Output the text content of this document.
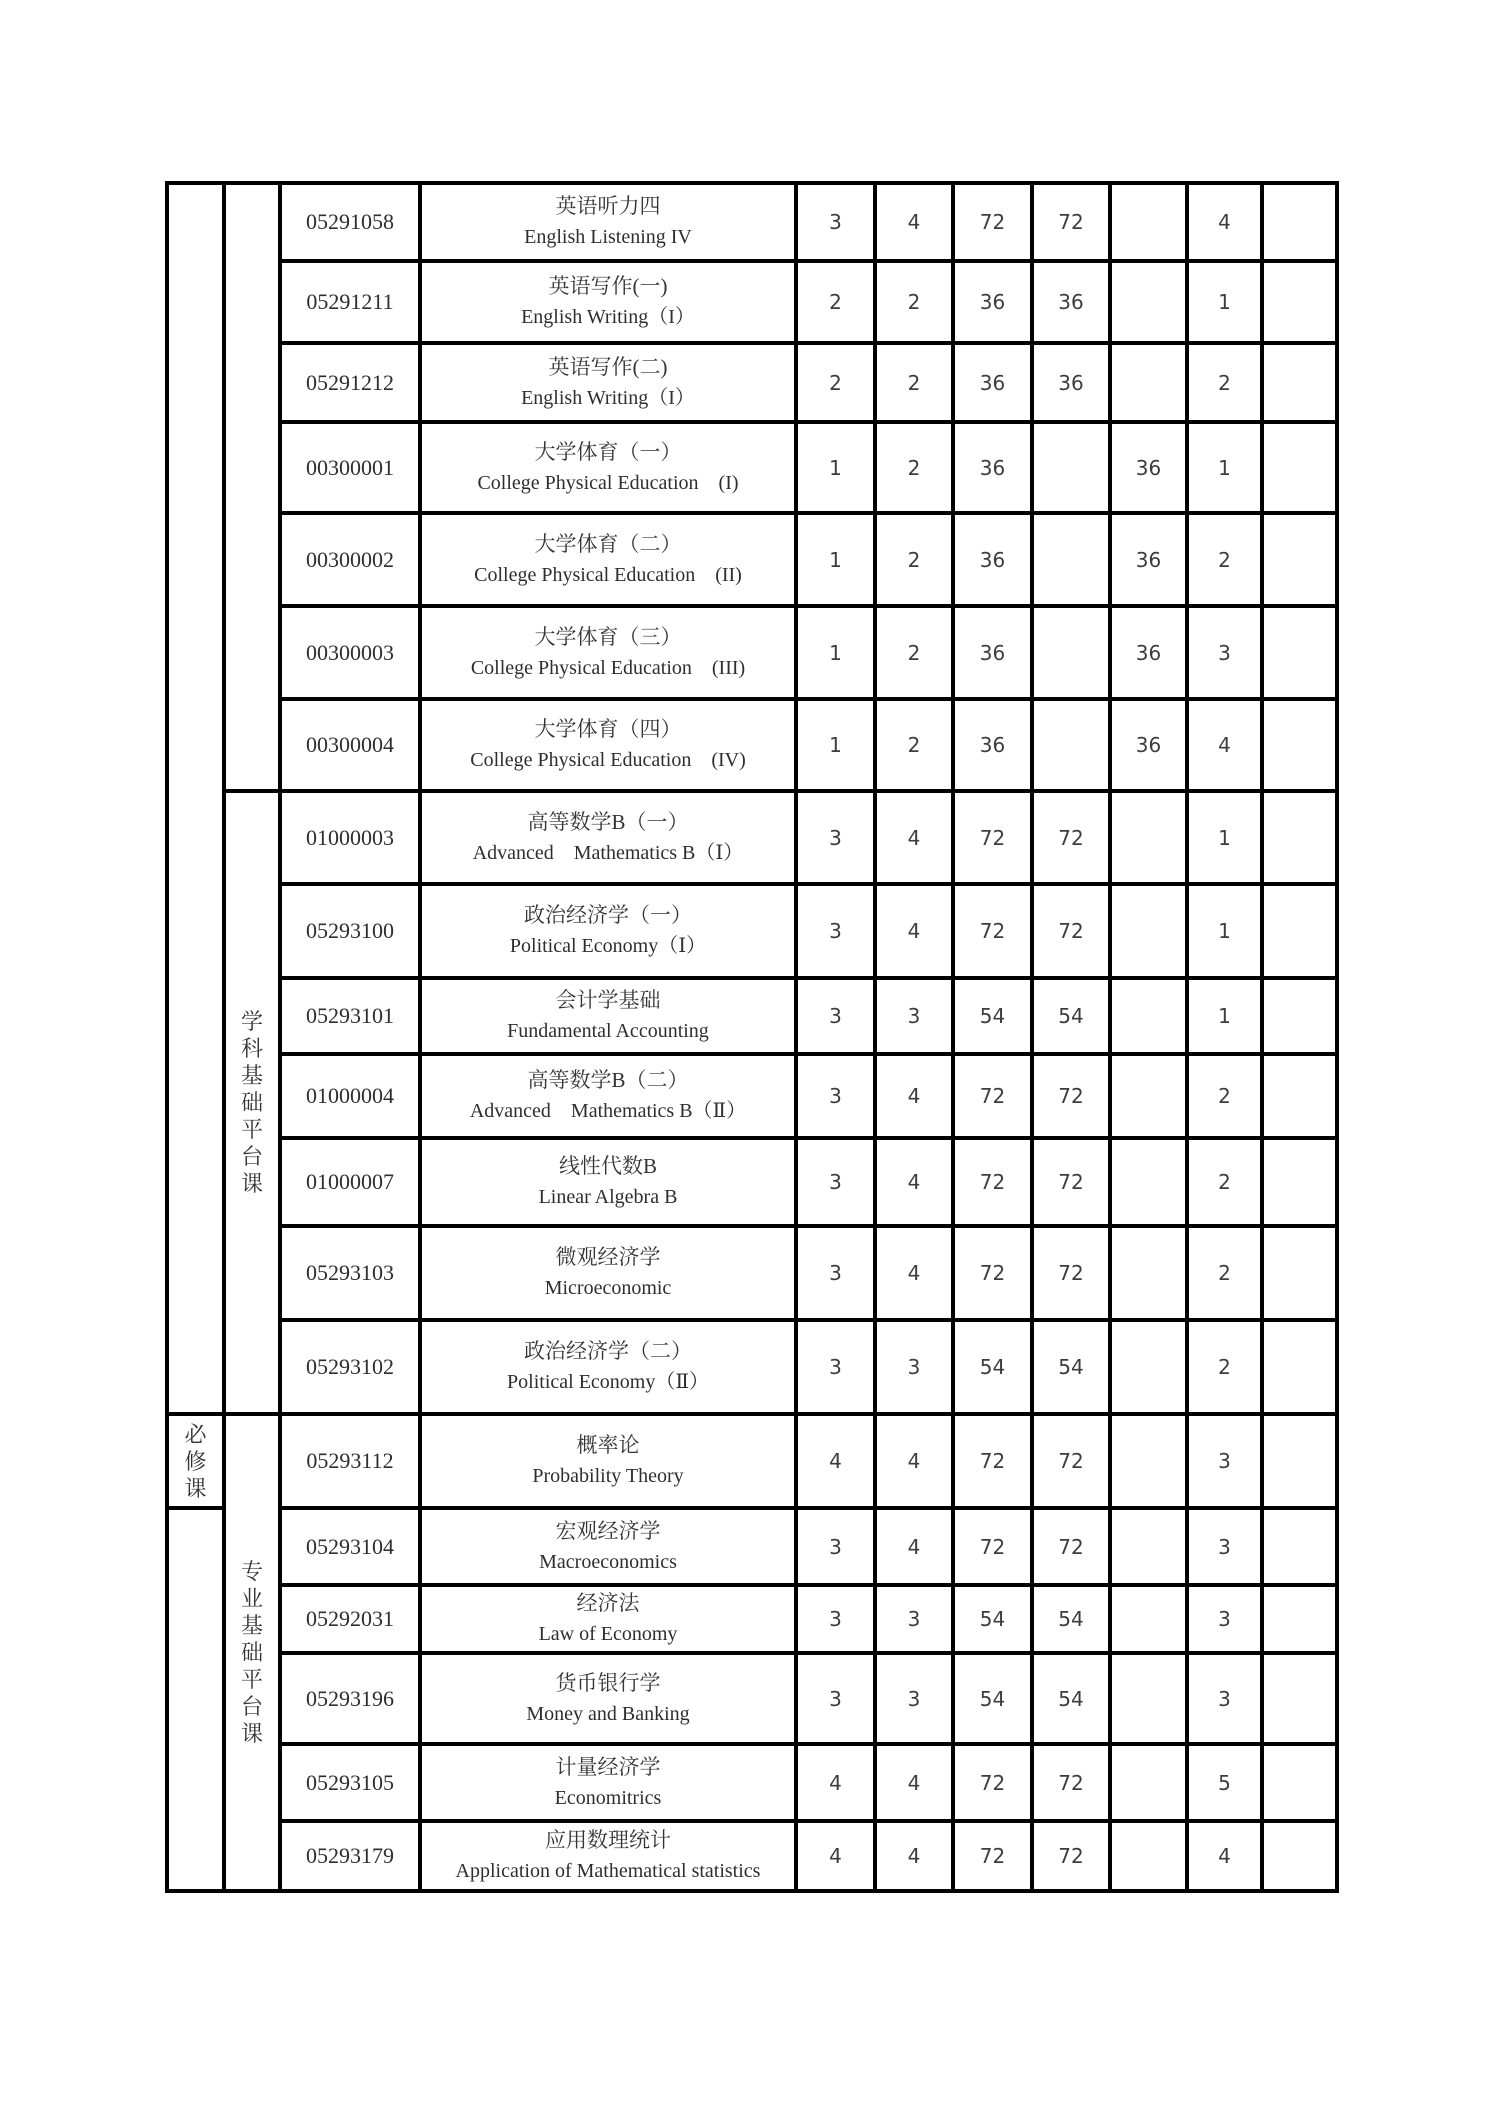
		05291058	英语听力四
English Listening IV	3	4	72	72		4	
		05291211	英语写作(一)
English Writing（I）	2	2	36	36		1	
		05291212	英语写作(二)
English Writing（I）	2	2	36	36		2	
		00300001	大学体育（一）
College Physical Education　(I)	1	2	36		36	1	
		00300002	大学体育（二）
College Physical Education　(II)	1	2	36		36	2	
		00300003	大学体育（三）
College Physical Education　(III)	1	2	36		36	3	
		00300004	大学体育（四）
College Physical Education　(IV)	1	2	36		36	4	

	学科基础平台课	01000003	高等数学B（一）
Advanced　Mathematics B（Ⅰ）	3	4	72	72		1	
		05293100	政治经济学（一）
Political Economy（Ⅰ）	3	4	72	72		1	
		05293101	会计学基础
Fundamental Accounting	3	3	54	54		1	
		01000004	高等数学B（二）
Advanced　Mathematics B（Ⅱ）	3	4	72	72		2	
		01000007	线性代数B
Linear Algebra B	3	4	72	72		2	
		05293103	微观经济学
Microeconomic	3	4	72	72		2	
		05293102	政治经济学（二）
Political Economy（Ⅱ）	3	3	54	54		2	

必修课	专业基础平台课	05293112	概率论
Probability Theory	4	4	72	72		3	
		05293104	宏观经济学
Macroeconomics	3	4	72	72		3	
		05292031	经济法
Law of Economy	3	3	54	54		3	
		05293196	货币银行学
Money and Banking	3	3	54	54		3	
		05293105	计量经济学
Economitrics	4	4	72	72		5	
		05293179	应用数理统计
Application of Mathematical statistics	4	4	72	72		4	
